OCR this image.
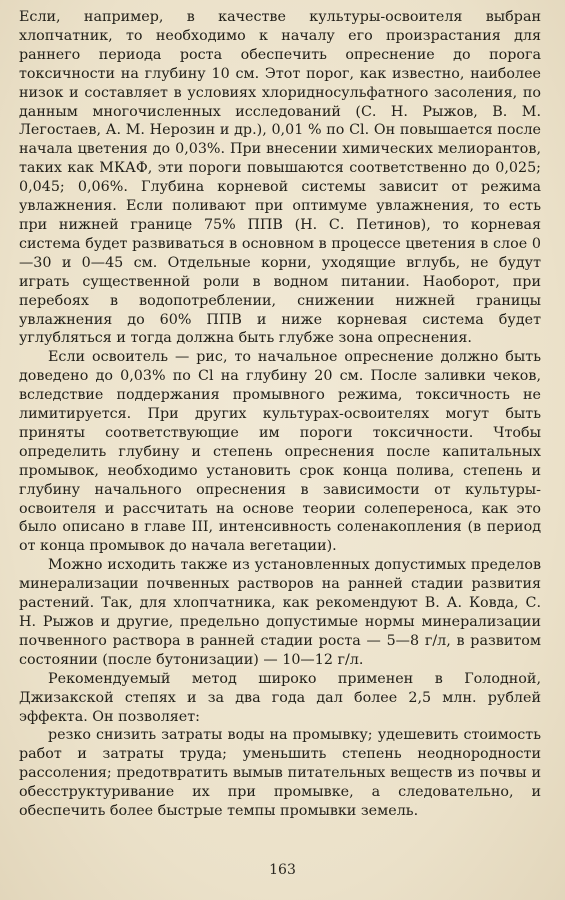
Если, например, в качестве культуры-освоителя выбран хлопчатник, то необходимо к началу его произрастания для раннего периода роста обеспечить опреснение до порога токсичности на глубину 10 см. Этот порог, как известно, наиболее низок и составляет в условиях хлоридносульфатного засоления, по данным многочисленных исследований (С. Н. Рыжов, В. М. Легостаев, А. М. Нерозин и др.), 0,01 % по Cl. Он повышается после начала цветения до 0,03%. При внесении химических мелиорантов, таких как МКАФ, эти пороги повышаются соответственно до 0,025; 0,045; 0,06%. Глубина корневой системы зависит от режима увлажнения. Если поливают при оптимуме увлажнения, то есть при нижней границе 75% ППВ (Н. С. Петинов), то корневая система будет развиваться в основном в процессе цветения в слое 0—30 и 0—45 см. Отдельные корни, уходящие вглубь, не будут играть существенной роли в водном питании. Наоборот, при перебоях в водопотреблении, снижении нижней границы увлажнения до 60% ППВ и ниже корневая система будет углубляться и тогда должна быть глубже зона опреснения.

Если освоитель — рис, то начальное опреснение должно быть доведено до 0,03% по Cl на глубину 20 см. После заливки чеков, вследствие поддержания промывного режима, токсичность не лимитируется. При других культурах-освоителях могут быть приняты соответствующие им пороги токсичности. Чтобы определить глубину и степень опреснения после капитальных промывок, необходимо установить срок конца полива, степень и глубину начального опреснения в зависимости от культуры-освоителя и рассчитать на основе теории солепереноса, как это было описано в главе III, интенсивность соленакопления (в период от конца промывок до начала вегетации).

Можно исходить также из установленных допустимых пределов минерализации почвенных растворов на ранней стадии развития растений. Так, для хлопчатника, как рекомендуют В. А. Ковда, С. Н. Рыжов и другие, предельно допустимые нормы минерализации почвенного раствора в ранней стадии роста — 5—8 г/л, в развитом состоянии (после бутонизации) — 10—12 г/л.

Рекомендуемый метод широко применен в Голодной, Джизакской степях и за два года дал более 2,5 млн. рублей эффекта. Он позволяет:

резко снизить затраты воды на промывку; удешевить стоимость работ и затраты труда; уменьшить степень неоднородности рассоления; предотвратить вымыв питательных веществ из почвы и обесструктуривание их при промывке, а следовательно, и обеспечить более быстрые темпы промывки земель.

163
